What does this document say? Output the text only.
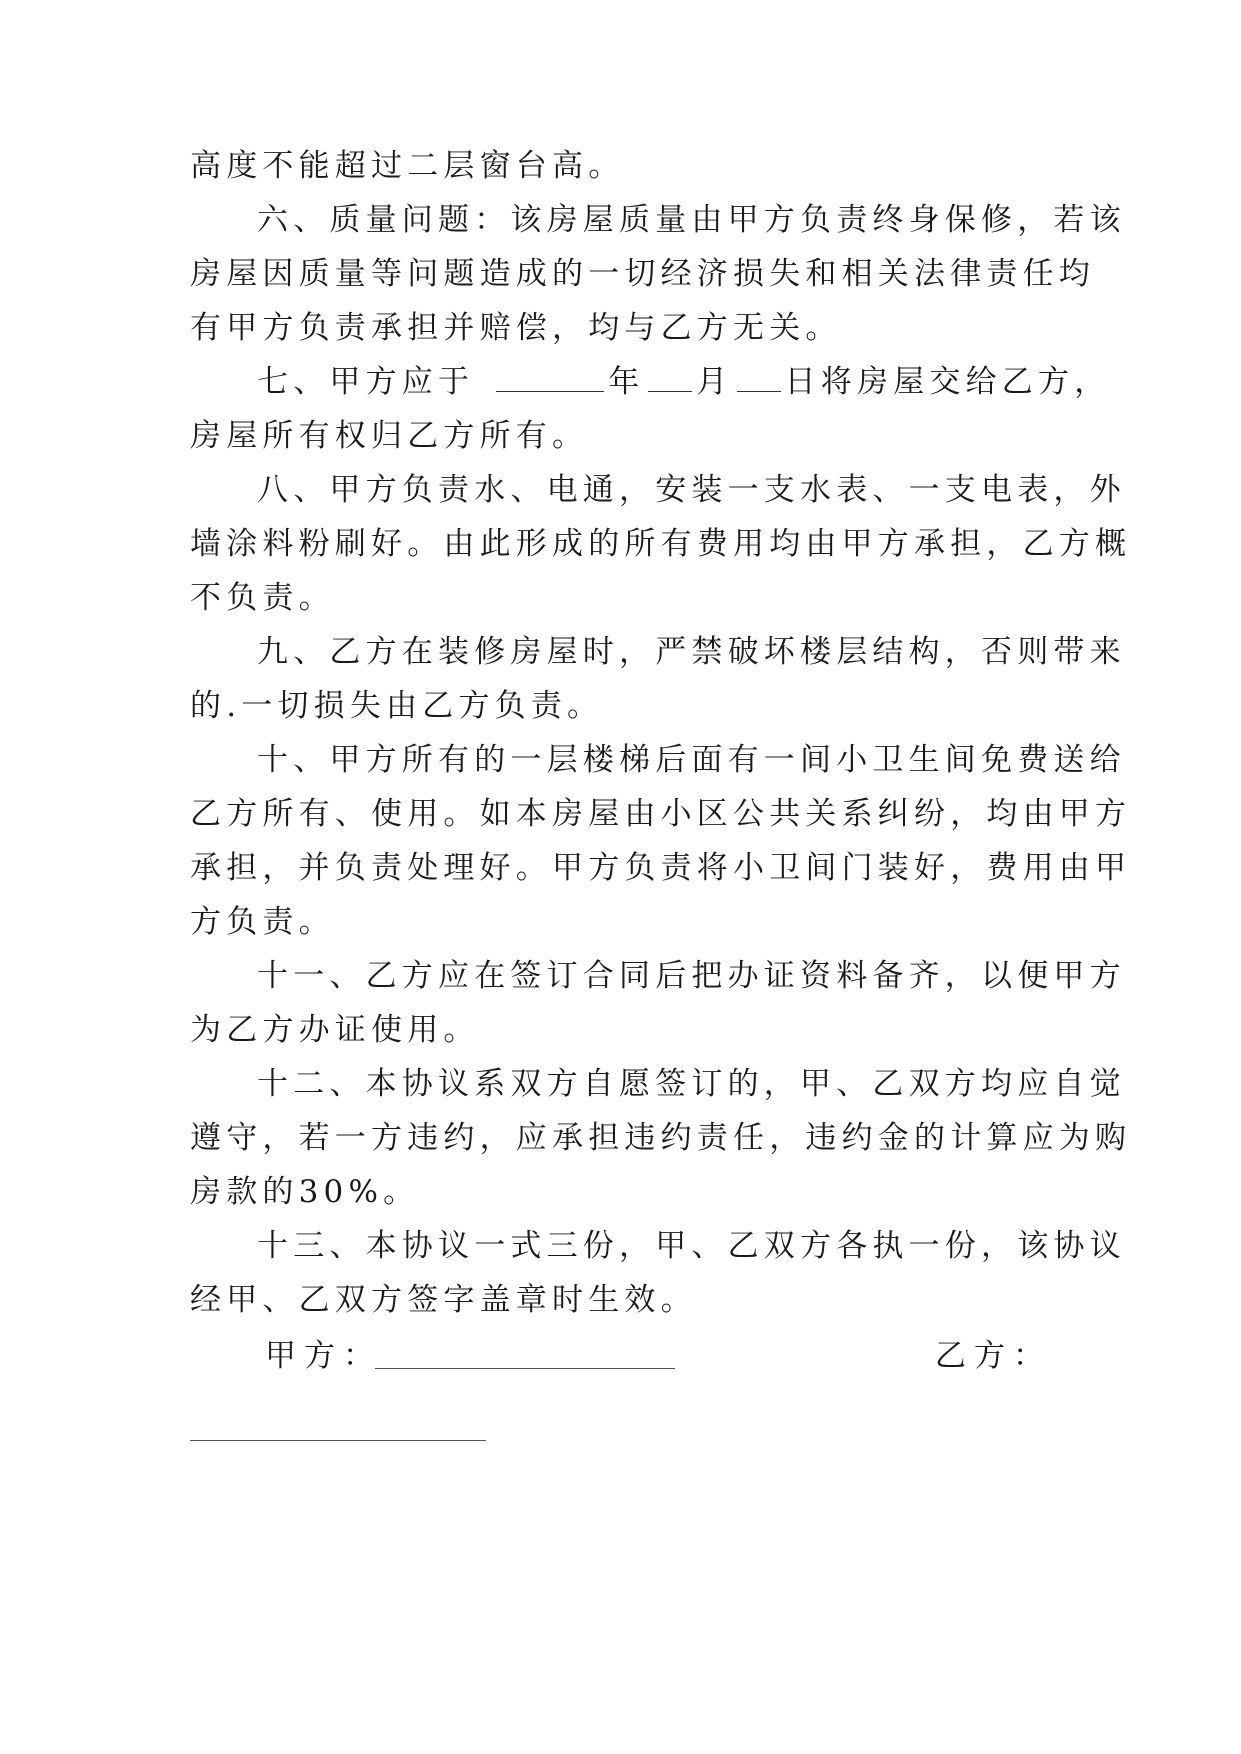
高度不能超过二层窗台高。
六、质量问题：该房屋质量由甲方负责终身保修，若该
房屋因质量等问题造成的一切经济损失和相关法律责任均
有甲方负责承担并赔偿，均与乙方无关。
七、甲方应于	年 月 日将房屋交给乙方，
房屋所有权归乙方所有。
八、甲方负责水、电通，安装一支水表、一支电表，外
墙涂料粉刷好。由此形成的所有费用均由甲方承担，乙方概
不负责。
九、乙方在装修房屋时，严禁破坏楼层结构，否则带来
的.一切损失由乙方负责。
十、甲方所有的一层楼梯后面有一间小卫生间免费送给
乙方所有、使用。如本房屋由小区公共关系纠纷，均由甲方
承担，并负责处理好。甲方负责将小卫间门装好，费用由甲
方负责。
十一、乙方应在签订合同后把办证资料备齐，以便甲方
为乙方办证使用。
十二、本协议系双方自愿签订的，甲、乙双方均应自觉
遵守，若一方违约，应承担违约责任，违约金的计算应为购
房款的30%。
十三、本协议一式三份，甲、乙双方各执一份，该协议
经甲、乙双方签字盖章时生效。
甲方：	乙方：
